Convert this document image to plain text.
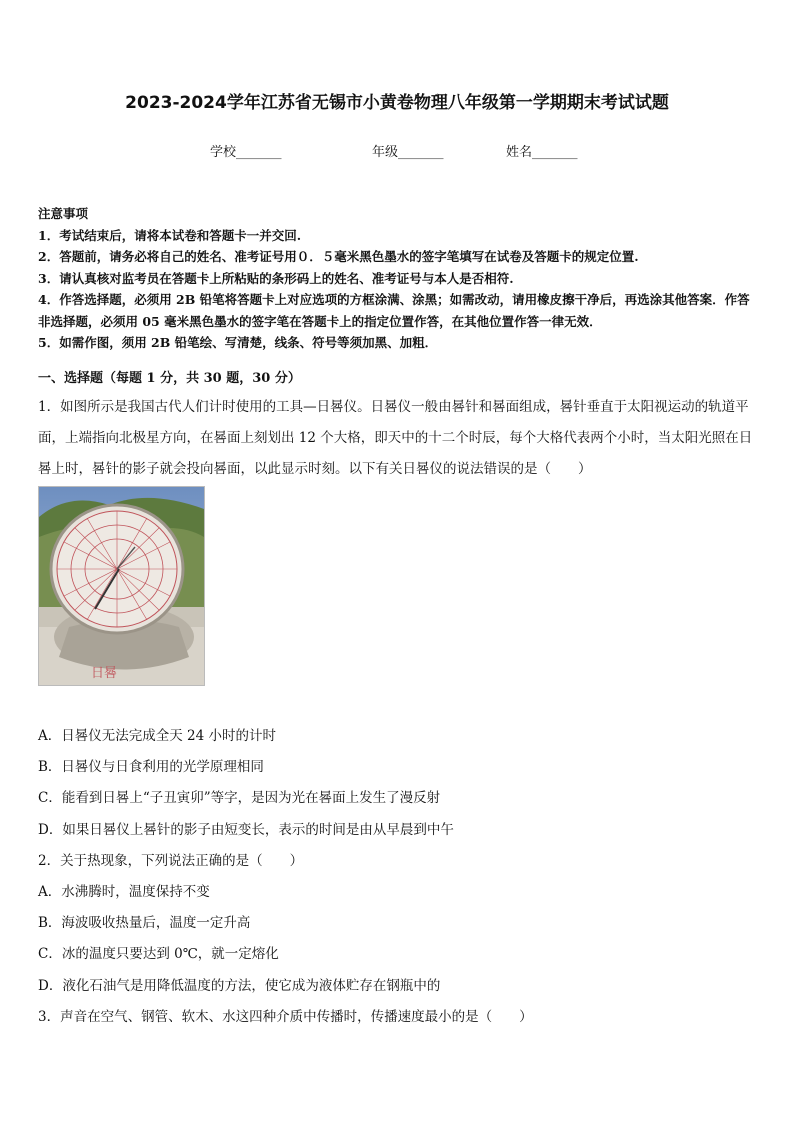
2023-2024学年江苏省无锡市小黄卷物理八年级第一学期期末考试试题
学校_______	年级_______	姓名_______
注意事项
1．考试结束后，请将本试卷和答题卡一并交回.
2．答题前，请务必将自己的姓名、准考证号用０．５毫米黑色墨水的签字笔填写在试卷及答题卡的规定位置.
3．请认真核对监考员在答题卡上所粘贴的条形码上的姓名、准考证号与本人是否相符.
4．作答选择题，必须用 2B 铅笔将答题卡上对应选项的方框涂满、涂黑；如需改动，请用橡皮擦干净后，再选涂其他答案．作答非选择题，必须用 05 毫米黑色墨水的签字笔在答题卡上的指定位置作答，在其他位置作答一律无效．
5．如需作图，须用 2B 铅笔绘、写清楚，线条、符号等须加黑、加粗．
一、选择题（每题 1 分，共 30 题，30 分）
1．如图所示是我国古代人们计时使用的工具—日晷仪。日晷仪一般由晷针和晷面组成，晷针垂直于太阳视运动的轨道平面，上端指向北极星方向，在晷面上刻划出 12 个大格，即天中的十二个时辰，每个大格代表两个小时，当太阳光照在日晷上时，晷针的影子就会投向晷面，以此显示时刻。以下有关日晷仪的说法错误的是（　　）
日晷
A．日晷仪无法完成全天 24 小时的计时
B．日晷仪与日食利用的光学原理相同
C．能看到日晷上“子丑寅卯”等字，是因为光在晷面上发生了漫反射
D．如果日晷仪上晷针的影子由短变长，表示的时间是由从早晨到中午
2．关于热现象，下列说法正确的是（　　）
A．水沸腾时，温度保持不变
B．海波吸收热量后，温度一定升高
C．冰的温度只要达到 0℃，就一定熔化
D．液化石油气是用降低温度的方法，使它成为液体贮存在钢瓶中的
3．声音在空气、钢管、软木、水这四种介质中传播时，传播速度最小的是（　　）
